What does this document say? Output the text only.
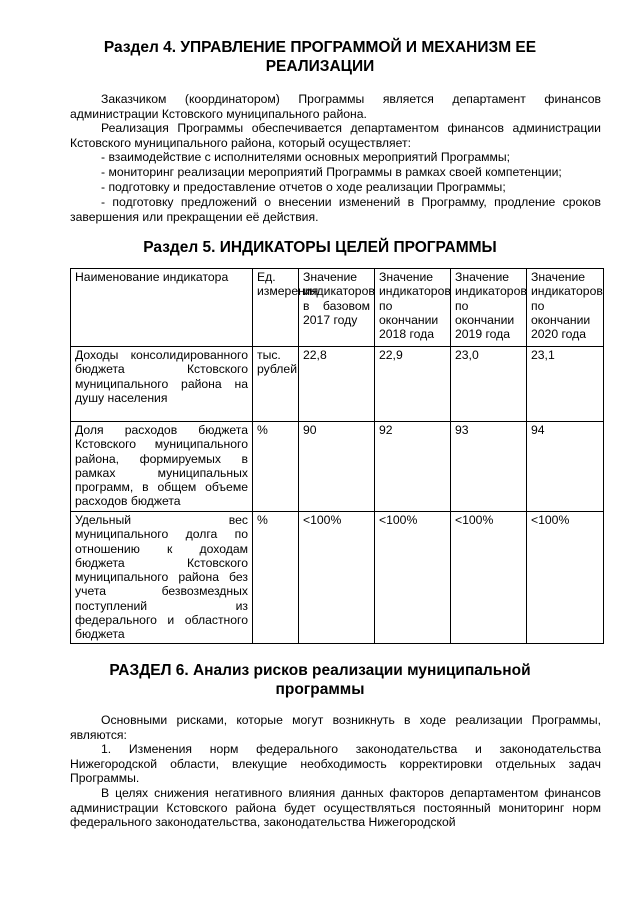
Раздел 4. УПРАВЛЕНИЕ ПРОГРАММОЙ И МЕХАНИЗМ ЕЕ РЕАЛИЗАЦИИ

Заказчиком (координатором) Программы является департамент финансов администрации Кстовского муниципального района.

Реализация Программы обеспечивается департаментом финансов администрации Кстовского муниципального района, который осуществляет:

- взаимодействие с исполнителями основных мероприятий Программы;

- мониторинг реализации мероприятий Программы в рамках своей компетенции;

- подготовку и предоставление отчетов о ходе реализации Программы;

- подготовку предложений о внесении изменений в Программу, продление сроков завершения или прекращении её действия.

Раздел 5. ИНДИКАТОРЫ ЦЕЛЕЙ ПРОГРАММЫ
Наименование индикатора	Ед. измерения	Значение индикаторов в базовом 2017 году	Значение индикаторов по окончании 2018 года	Значение индикаторов по окончании 2019 года	Значение индикаторов по окончании 2020 года
Доходы консолидированного бюджета Кстовского муниципального района на душу населения	тыс. рублей	22,8	22,9	23,0	23,1
Доля расходов бюджета Кстовского муниципального района, формируемых в рамках муниципальных программ, в общем объеме расходов бюджета	%	90	92	93	94
Удельный вес муниципального долга по отношению к доходам бюджета Кстовского муниципального района без учета безвозмездных поступлений из федерального и областного бюджета	%	<100%	<100%	<100%	<100%
РАЗДЕЛ 6. Анализ рисков реализации муниципальной программы

Основными рисками, которые могут возникнуть в ходе реализации Программы, являются:

1. Изменения норм федерального законодательства и законодательства Нижегородской области, влекущие необходимость корректировки отдельных задач Программы.

В целях снижения негативного влияния данных факторов департаментом финансов администрации Кстовского района будет осуществляться постоянный мониторинг норм федерального законодательства, законодательства Нижегородской
